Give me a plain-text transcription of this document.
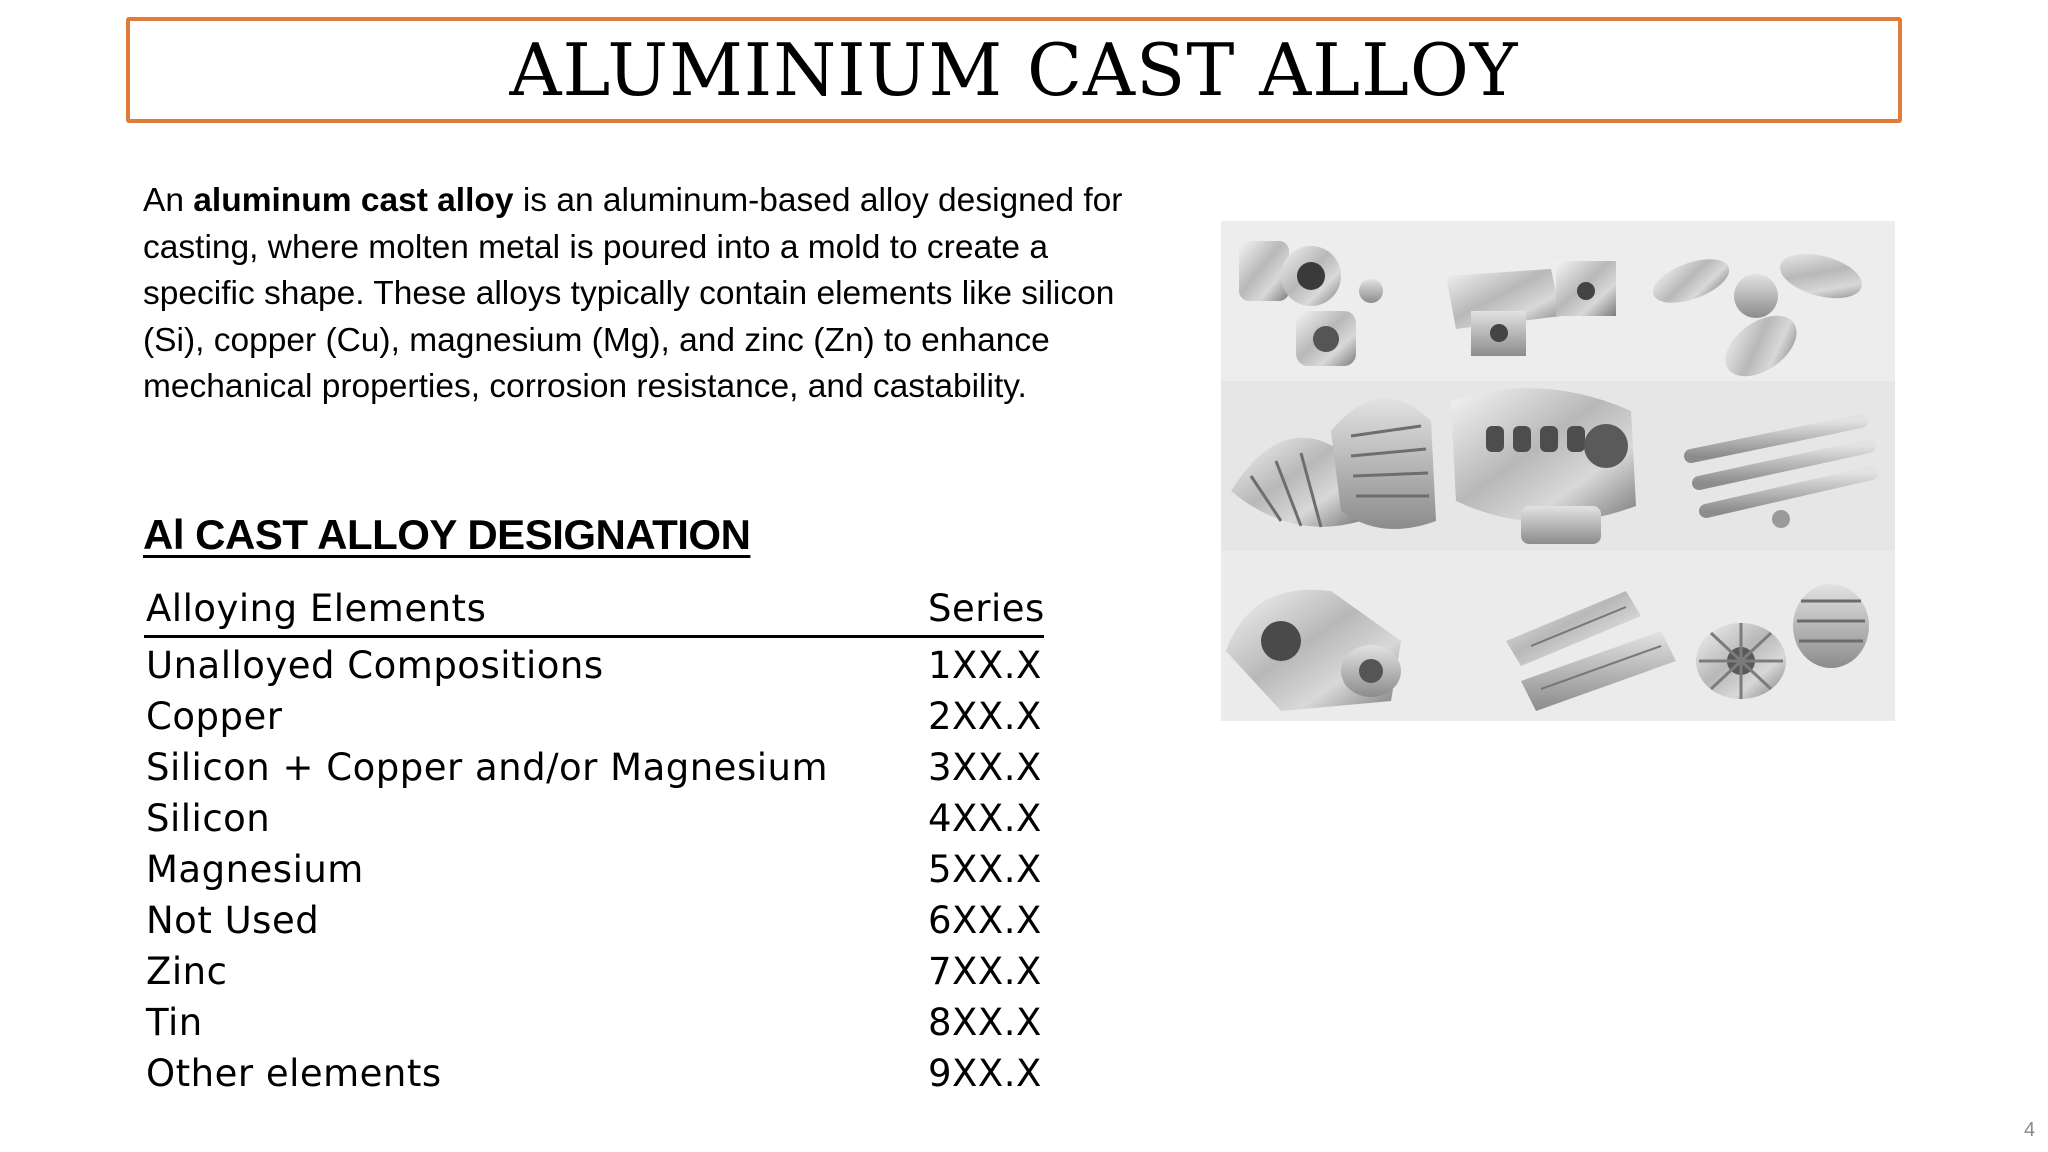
ALUMINIUM CAST ALLOY

An aluminum cast alloy is an aluminum-based alloy designed for casting, where molten metal is poured into a mold to create a specific shape. These alloys typically contain elements like silicon (Si), copper (Cu), magnesium (Mg), and zinc (Zn) to enhance mechanical properties, corrosion resistance, and castability.

Al CAST ALLOY DESIGNATION
Alloying Elements	Series
Unalloyed Compositions	1XX.X
Copper	2XX.X
Silicon + Copper and/or Magnesium	3XX.X
Silicon	4XX.X
Magnesium	5XX.X
Not Used	6XX.X
Zinc	7XX.X
Tin	8XX.X
Other elements	9XX.X
4
